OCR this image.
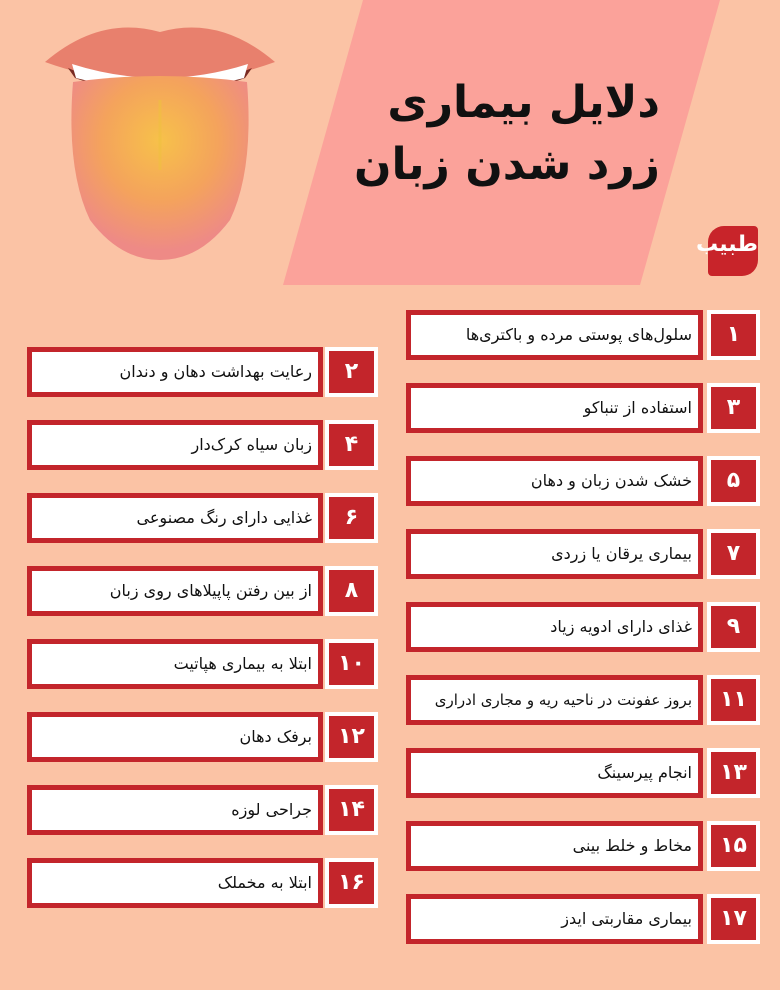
دلایل بیماری
زرد شدن زبان
طبیب
سلول‌های پوستی مرده و باکتری‌ها	۱
استفاده از تنباکو	۳
خشک شدن زبان و دهان	۵
بیماری یرقان یا زردی	۷
غذای دارای ادویه زیاد	۹
بروز عفونت در ناحیه ریه و مجاری ادراری	۱۱
انجام پیرسینگ	۱۳
مخاط و خلط بینی	۱۵
بیماری مقاربتی ایدز	۱۷
رعایت بهداشت دهان و دندان	۲
زبان سیاه کرک‌دار	۴
غذایی دارای رنگ مصنوعی	۶
از بین رفتن پاپیلاهای روی زبان	۸
ابتلا به بیماری هپاتیت	۱۰
برفک دهان	۱۲
جراحی لوزه	۱۴
ابتلا به مخملک	۱۶
